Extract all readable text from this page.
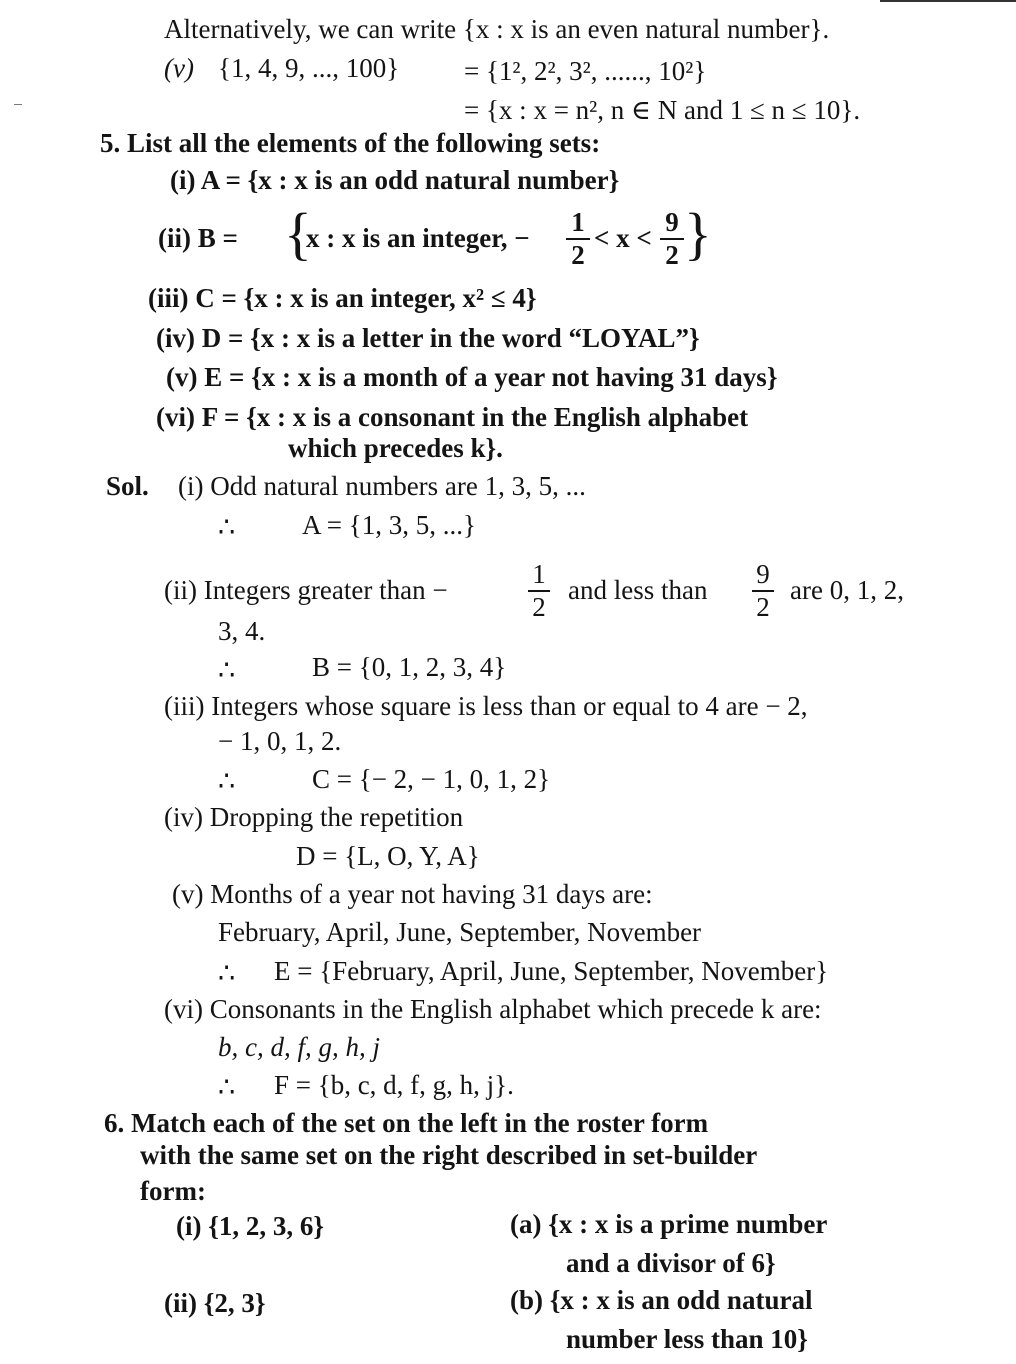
Alternatively, we can write {x : x is an even natural number}.
(v) {1, 4, 9, ..., 100} = {1², 2², 3², ......, 10²}
= {x : x = n², n ∈ N and 1 ≤ n ≤ 10}.
5. List all the elements of the following sets:
(i) A = {x : x is an odd natural number}
(ii) B = {
x : x is an integer, −
1
2
< x <
9
2 }
(iii) C = {x : x is an integer, x² ≤ 4}
(iv) D = {x : x is a letter in the word “LOYAL”}
(v) E = {x : x is a month of a year not having 31 days}
(vi) F = {x : x is a consonant in the English alphabet
which precedes k}.
Sol. (i) Odd natural numbers are 1, 3, 5, ...
∴ A = {1, 3, 5, ...}
(ii) Integers greater than −
1
2
and less than
9
2
are 0, 1, 2,
3, 4.
∴	B = {0, 1, 2, 3, 4}
(iii) Integers whose square is less than or equal to 4 are − 2,
− 1, 0, 1, 2.
∴	C = {− 2, − 1, 0, 1, 2}
(iv) Dropping the repetition
D = {L, O, Y, A}
(v) Months of a year not having 31 days are:
February, April, June, September, November
∴ E = {February, April, June, September, November}
(vi) Consonants in the English alphabet which precede k are:
b, c, d, f, g, h, j
∴ F = {b, c, d, f, g, h, j}.
6. Match each of the set on the left in the roster form
with the same set on the right described in set-builder
form:
(i) {1, 2, 3, 6}	(a) {x : x is a prime number
and a divisor of 6}
(ii) {2, 3}	(b) {x : x is an odd natural
number less than 10}
